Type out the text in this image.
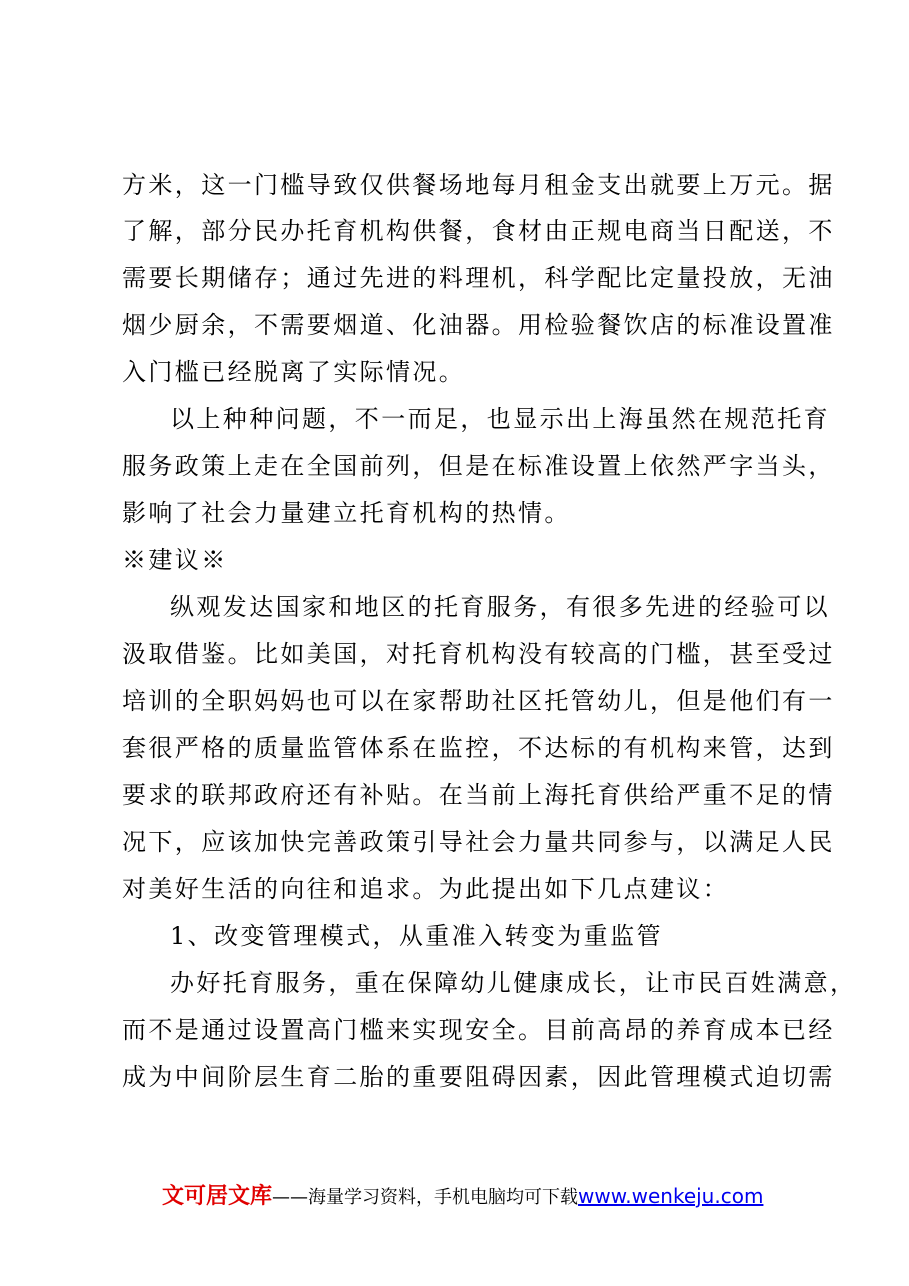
方米，这一门槛导致仅供餐场地每月租金支出就要上万元。据
了解，部分民办托育机构供餐，食材由正规电商当日配送，不
需要长期储存；通过先进的料理机，科学配比定量投放，无油
烟少厨余，不需要烟道、化油器。用检验餐饮店的标准设置准
入门槛已经脱离了实际情况。
以上种种问题，不一而足，也显示出上海虽然在规范托育
服务政策上走在全国前列，但是在标准设置上依然严字当头，
影响了社会力量建立托育机构的热情。
※建议※
纵观发达国家和地区的托育服务，有很多先进的经验可以
汲取借鉴。比如美国，对托育机构没有较高的门槛，甚至受过
培训的全职妈妈也可以在家帮助社区托管幼儿，但是他们有一
套很严格的质量监管体系在监控，不达标的有机构来管，达到
要求的联邦政府还有补贴。在当前上海托育供给严重不足的情
况下，应该加快完善政策引导社会力量共同参与，以满足人民
对美好生活的向往和追求。为此提出如下几点建议：
1、改变管理模式，从重准入转变为重监管
办好托育服务，重在保障幼儿健康成长，让市民百姓满意，
而不是通过设置高门槛来实现安全。目前高昂的养育成本已经
成为中间阶层生育二胎的重要阻碍因素，因此管理模式迫切需
文可居文库——海量学习资料，手机电脑均可下载www.wenkeju.com
